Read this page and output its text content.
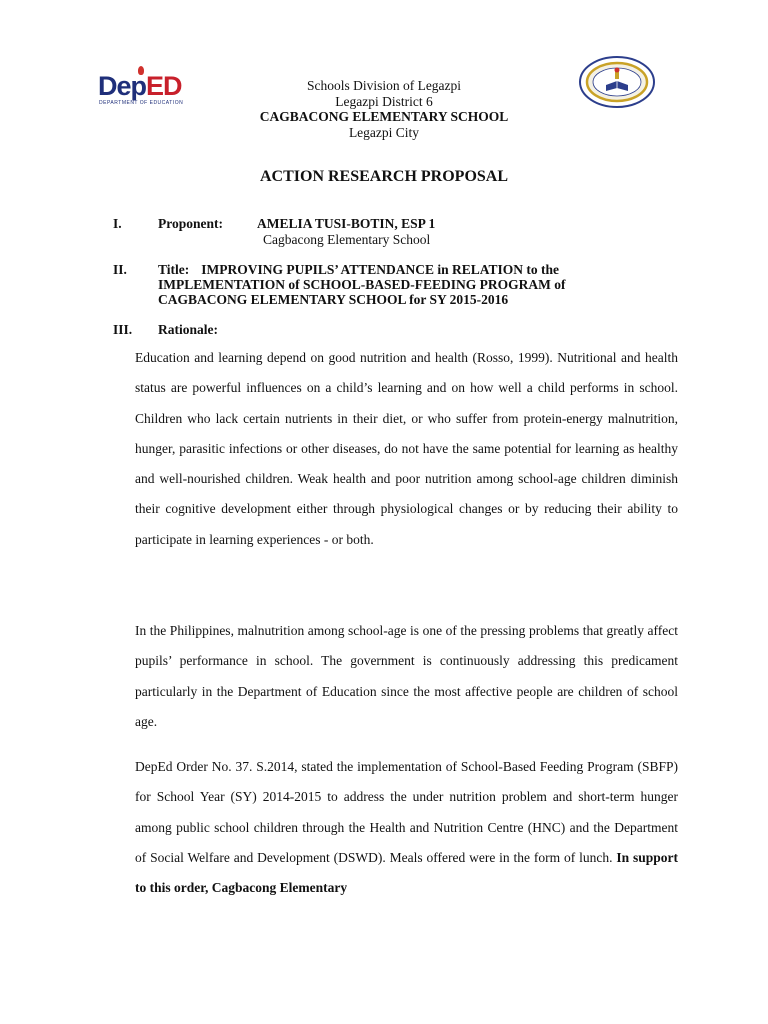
DepED
DEPARTMENT OF EDUCATION
Schools Division of Legazpi
Legazpi District 6
CAGBACONG ELEMENTARY SCHOOL
Legazpi City
ACTION RESEARCH PROPOSAL
I.	Proponent:	AMELIA TUSI-BOTIN, ESP 1
Cagbacong Elementary School
II. Title: IMPROVING PUPILS’ ATTENDANCE in RELATION to the
IMPLEMENTATION of SCHOOL-BASED-FEEDING PROGRAM of
CAGBACONG ELEMENTARY SCHOOL for SY 2015-2016
III. Rationale:

Education and learning depend on good nutrition and health (Rosso, 1999). Nutritional and health status are powerful influences on a child’s learning and on how well a child performs in school. Children who lack certain nutrients in their diet, or who suffer from protein-energy malnutrition, hunger, parasitic infections or other diseases, do not have the same potential for learning as healthy and well-nourished children. Weak health and poor nutrition among school-age children diminish their cognitive development either through physiological changes or by reducing their ability to participate in learning experiences - or both.

In the Philippines, malnutrition among school-age is one of the pressing problems that greatly affect pupils’ performance in school. The government is continuously addressing this predicament particularly in the Department of Education since the most affective people are children of school age.

DepEd Order No. 37. S.2014, stated the implementation of School-Based Feeding Program (SBFP) for School Year (SY) 2014-2015 to address the under nutrition problem and short-term hunger among public school children through the Health and Nutrition Centre (HNC) and the Department of Social Welfare and Development (DSWD). Meals offered were in the form of lunch. In support to this order, Cagbacong Elementary
